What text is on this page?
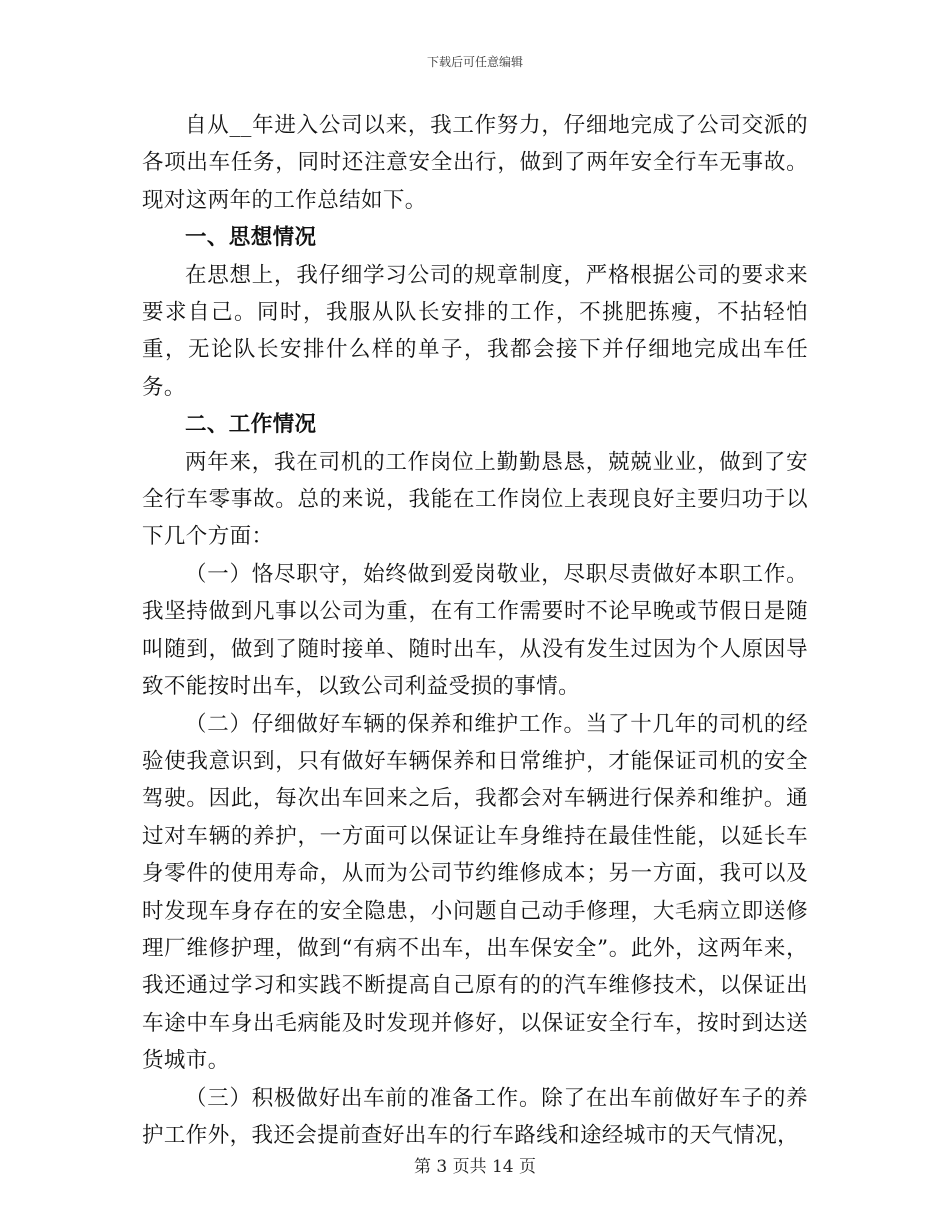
下载后可任意编辑

自从__年进入公司以来，我工作努力，仔细地完成了公司交派的各项出车任务，同时还注意安全出行，做到了两年安全行车无事故。现对这两年的工作总结如下。

一、思想情况

在思想上，我仔细学习公司的规章制度，严格根据公司的要求来要求自己。同时，我服从队长安排的工作，不挑肥拣瘦，不拈轻怕重，无论队长安排什么样的单子，我都会接下并仔细地完成出车任务。

二、工作情况

两年来，我在司机的工作岗位上勤勤恳恳，兢兢业业，做到了安全行车零事故。总的来说，我能在工作岗位上表现良好主要归功于以下几个方面：

（一）恪尽职守，始终做到爱岗敬业，尽职尽责做好本职工作。我坚持做到凡事以公司为重，在有工作需要时不论早晚或节假日是随叫随到，做到了随时接单、随时出车，从没有发生过因为个人原因导致不能按时出车，以致公司利益受损的事情。

（二）仔细做好车辆的保养和维护工作。当了十几年的司机的经验使我意识到，只有做好车辆保养和日常维护，才能保证司机的安全驾驶。因此，每次出车回来之后，我都会对车辆进行保养和维护。通过对车辆的养护，一方面可以保证让车身维持在最佳性能，以延长车身零件的使用寿命，从而为公司节约维修成本；另一方面，我可以及时发现车身存在的安全隐患，小问题自己动手修理，大毛病立即送修理厂维修护理，做到“有病不出车，出车保安全”。此外，这两年来，我还通过学习和实践不断提高自己原有的的汽车维修技术，以保证出车途中车身出毛病能及时发现并修好，以保证安全行车，按时到达送货城市。

（三）积极做好出车前的准备工作。除了在出车前做好车子的养护工作外，我还会提前查好出车的行车路线和途经城市的天气情况，

第 3 页共 14 页
